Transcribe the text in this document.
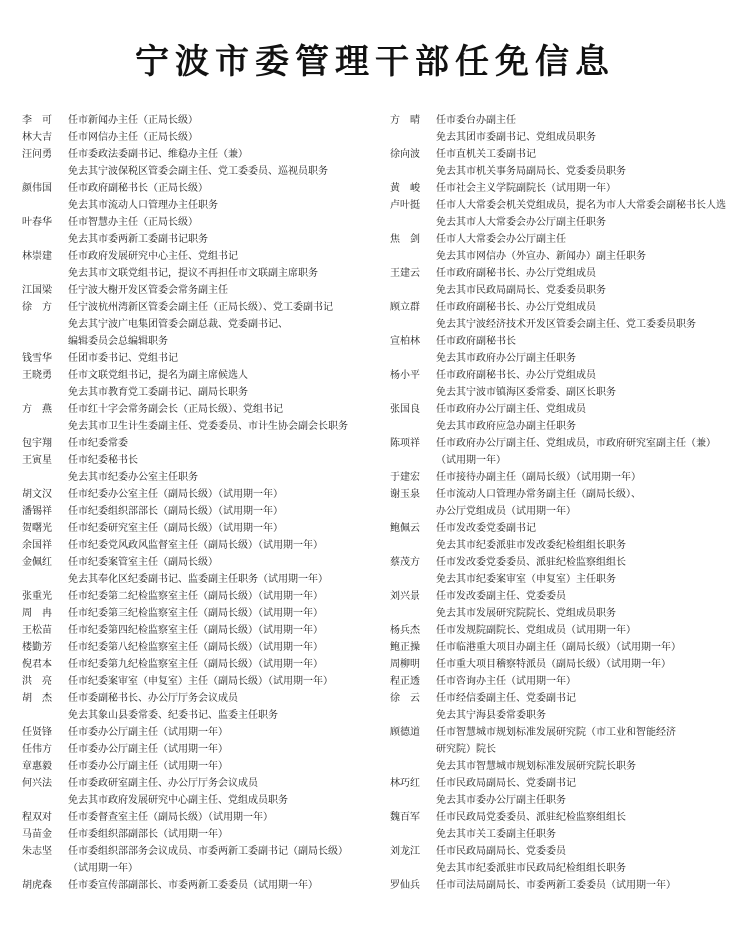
宁波市委管理干部任免信息
李　可	任市新闻办主任（正局长级）
林大吉	任市网信办主任（正局长级）
汪问勇	任市委政法委副书记、维稳办主任（兼）
免去其宁波保税区管委会副主任、党工委委员、巡视员职务
颜伟国	任市政府副秘书长（正局长级）
免去其市流动人口管理办主任职务
叶春华	任市智慧办主任（正局长级）
免去其市委两新工委副书记职务
林崇建	任市政府发展研究中心主任、党组书记
免去其市文联党组书记，提议不再担任市文联副主席职务
江国梁	任宁波大榭开发区管委会常务副主任
徐　方	任宁波杭州湾新区管委会副主任（正局长级）、党工委副书记
免去其宁波广电集团管委会副总裁、党委副书记、
编辑委员会总编辑职务
钱雪华	任团市委书记、党组书记
王晓勇	任市文联党组书记，提名为副主席候选人
免去其市教育党工委副书记、副局长职务
方　燕	任市红十字会常务副会长（正局长级）、党组书记
免去其市卫生计生委副主任、党委委员、市计生协会副会长职务
包宇翔	任市纪委常委
王寅星	任市纪委秘书长
免去其市纪委办公室主任职务
胡文汉	任市纪委办公室主任（副局长级）（试用期一年）
潘锡祥	任市纪委组织部部长（副局长级）（试用期一年）
贺曙光	任市纪委研究室主任（副局长级）（试用期一年）
余国祥	任市纪委党风政风监督室主任（副局长级）（试用期一年）
金佩红	任市纪委案管室主任（副局长级）
免去其奉化区纪委副书记、监委副主任职务（试用期一年）
张重光	任市纪委第二纪检监察室主任（副局长级）（试用期一年）
周　冉	任市纪委第三纪检监察室主任（副局长级）（试用期一年）
王松苗	任市纪委第四纪检监察室主任（副局长级）（试用期一年）
楼勤芳	任市纪委第八纪检监察室主任（副局长级）（试用期一年）
倪君本	任市纪委第九纪检监察室主任（副局长级）（试用期一年）
洪　亮	任市纪委案审室（申复室）主任（副局长级）（试用期一年）
胡　杰	任市委副秘书长、办公厅厅务会议成员
免去其象山县委常委、纪委书记、监委主任职务
任贤锋	任市委办公厅副主任（试用期一年）
任伟方	任市委办公厅副主任（试用期一年）
章惠毅	任市委办公厅副主任（试用期一年）
何兴法	任市委政研室副主任、办公厅厅务会议成员
免去其市政府发展研究中心副主任、党组成员职务
程双对	任市委督查室主任（副局长级）（试用期一年）
马苗金	任市委组织部副部长（试用期一年）
朱志坚	任市委组织部部务会议成员、市委两新工委副书记（副局长级）
（试用期一年）
胡虎森	任市委宣传部副部长、市委两新工委委员（试用期一年）
方　晴	任市委台办副主任
免去其团市委副书记、党组成员职务
徐向波	任市直机关工委副书记
免去其市机关事务局副局长、党委委员职务
黄　峻	任市社会主义学院副院长（试用期一年）
卢叶挺	任市人大常委会机关党组成员，提名为市人大常委会副秘书长人选
免去其市人大常委会办公厅副主任职务
焦　剑	任市人大常委会办公厅副主任
免去其市网信办（外宣办、新闻办）副主任职务
王建云	任市政府副秘书长、办公厅党组成员
免去其市民政局副局长、党委委员职务
顾立群	任市政府副秘书长、办公厅党组成员
免去其宁波经济技术开发区管委会副主任、党工委委员职务
宣柏林	任市政府副秘书长
免去其市政府办公厅副主任职务
杨小平	任市政府副秘书长、办公厅党组成员
免去其宁波市镇海区委常委、副区长职务
张国良	任市政府办公厅副主任、党组成员
免去其市政府应急办副主任职务
陈项祥	任市政府办公厅副主任、党组成员，市政府研究室副主任（兼）
（试用期一年）
于建宏	任市接待办副主任（副局长级）（试用期一年）
谢玉泉	任市流动人口管理办常务副主任（副局长级）、
办公厅党组成员（试用期一年）
鲍佩云	任市发改委党委副书记
免去其市纪委派驻市发改委纪检组组长职务
蔡茂方	任市发改委党委委员、派驻纪检监察组组长
免去其市纪委案审室（申复室）主任职务
刘兴景	任市发改委副主任、党委委员
免去其市发展研究院院长、党组成员职务
杨兵杰	任市发规院副院长、党组成员（试用期一年）
鲍正操	任市临港重大项目办副主任（副局长级）（试用期一年）
周柳明	任市重大项目稽察特派员（副局长级）（试用期一年）
程正透	任市咨询办主任（试用期一年）
徐　云	任市经信委副主任、党委副书记
免去其宁海县委常委职务
顾德道	任市智慧城市规划标准发展研究院（市工业和智能经济
研究院）院长
免去其市智慧城市规划标准发展研究院长职务
林巧红	任市民政局副局长、党委副书记
免去其市委办公厅副主任职务
魏百军	任市民政局党委委员、派驻纪检监察组组长
免去其市关工委副主任职务
刘龙江	任市民政局副局长、党委委员
免去其市纪委派驻市民政局纪检组组长职务
罗仙兵	任市司法局副局长、市委两新工委委员（试用期一年）
